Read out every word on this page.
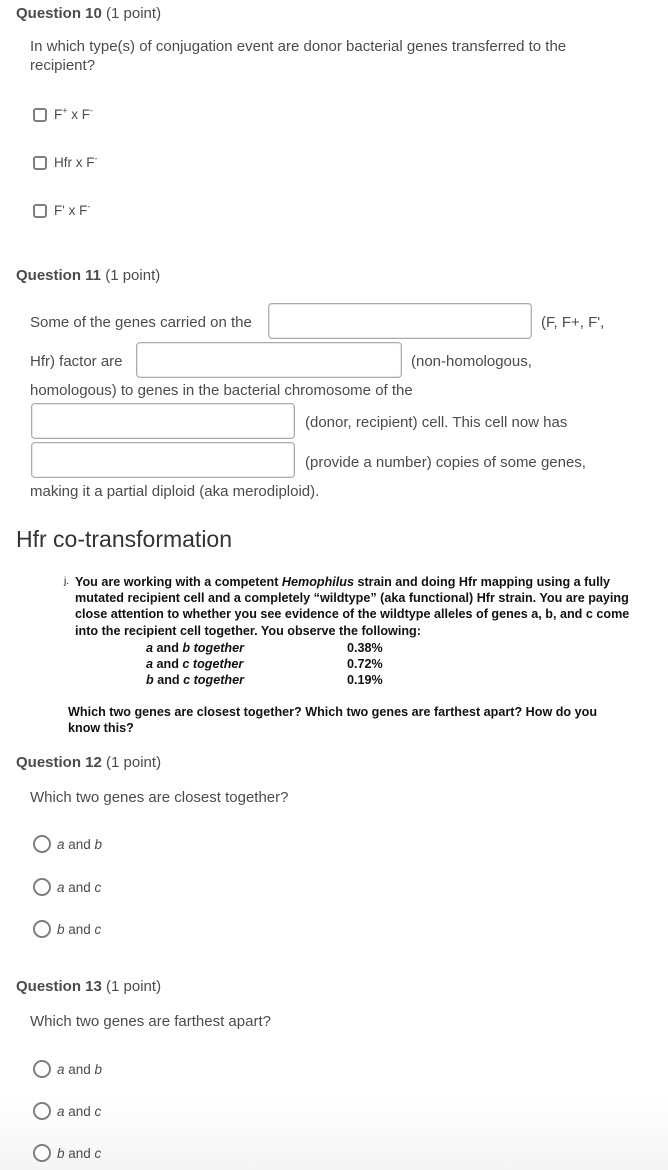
Question 10 (1 point)
In which type(s) of conjugation event are donor bacterial genes transferred to the
recipient?
F+ x F-
Hfr x F-
F' x F-
Question 11 (1 point)
Some of the genes carried on the	(F, F+, F',
Hfr) factor are	(non-homologous,
homologous) to genes in the bacterial chromosome of the
(donor, recipient) cell. This cell now has
(provide a number) copies of some genes,
making it a partial diploid (aka merodiploid).
Hfr co-transformation
j. You are working with a competent Hemophilus strain and doing Hfr mapping using a fully mutated recipient cell and a completely “wildtype” (aka functional) Hfr strain. You are paying close attention to whether you see evidence of the wildtype alleles of genes a, b, and c come into the recipient cell together. You observe the following:
a and b together	0.38%
a and c together	0.72%
b and c together	0.19%
Which two genes are closest together? Which two genes are farthest apart? How do you know this?
Question 12 (1 point)
Which two genes are closest together?
a and b
a and c
b and c
Question 13 (1 point)
Which two genes are farthest apart?
a and b
a and c
b and c
